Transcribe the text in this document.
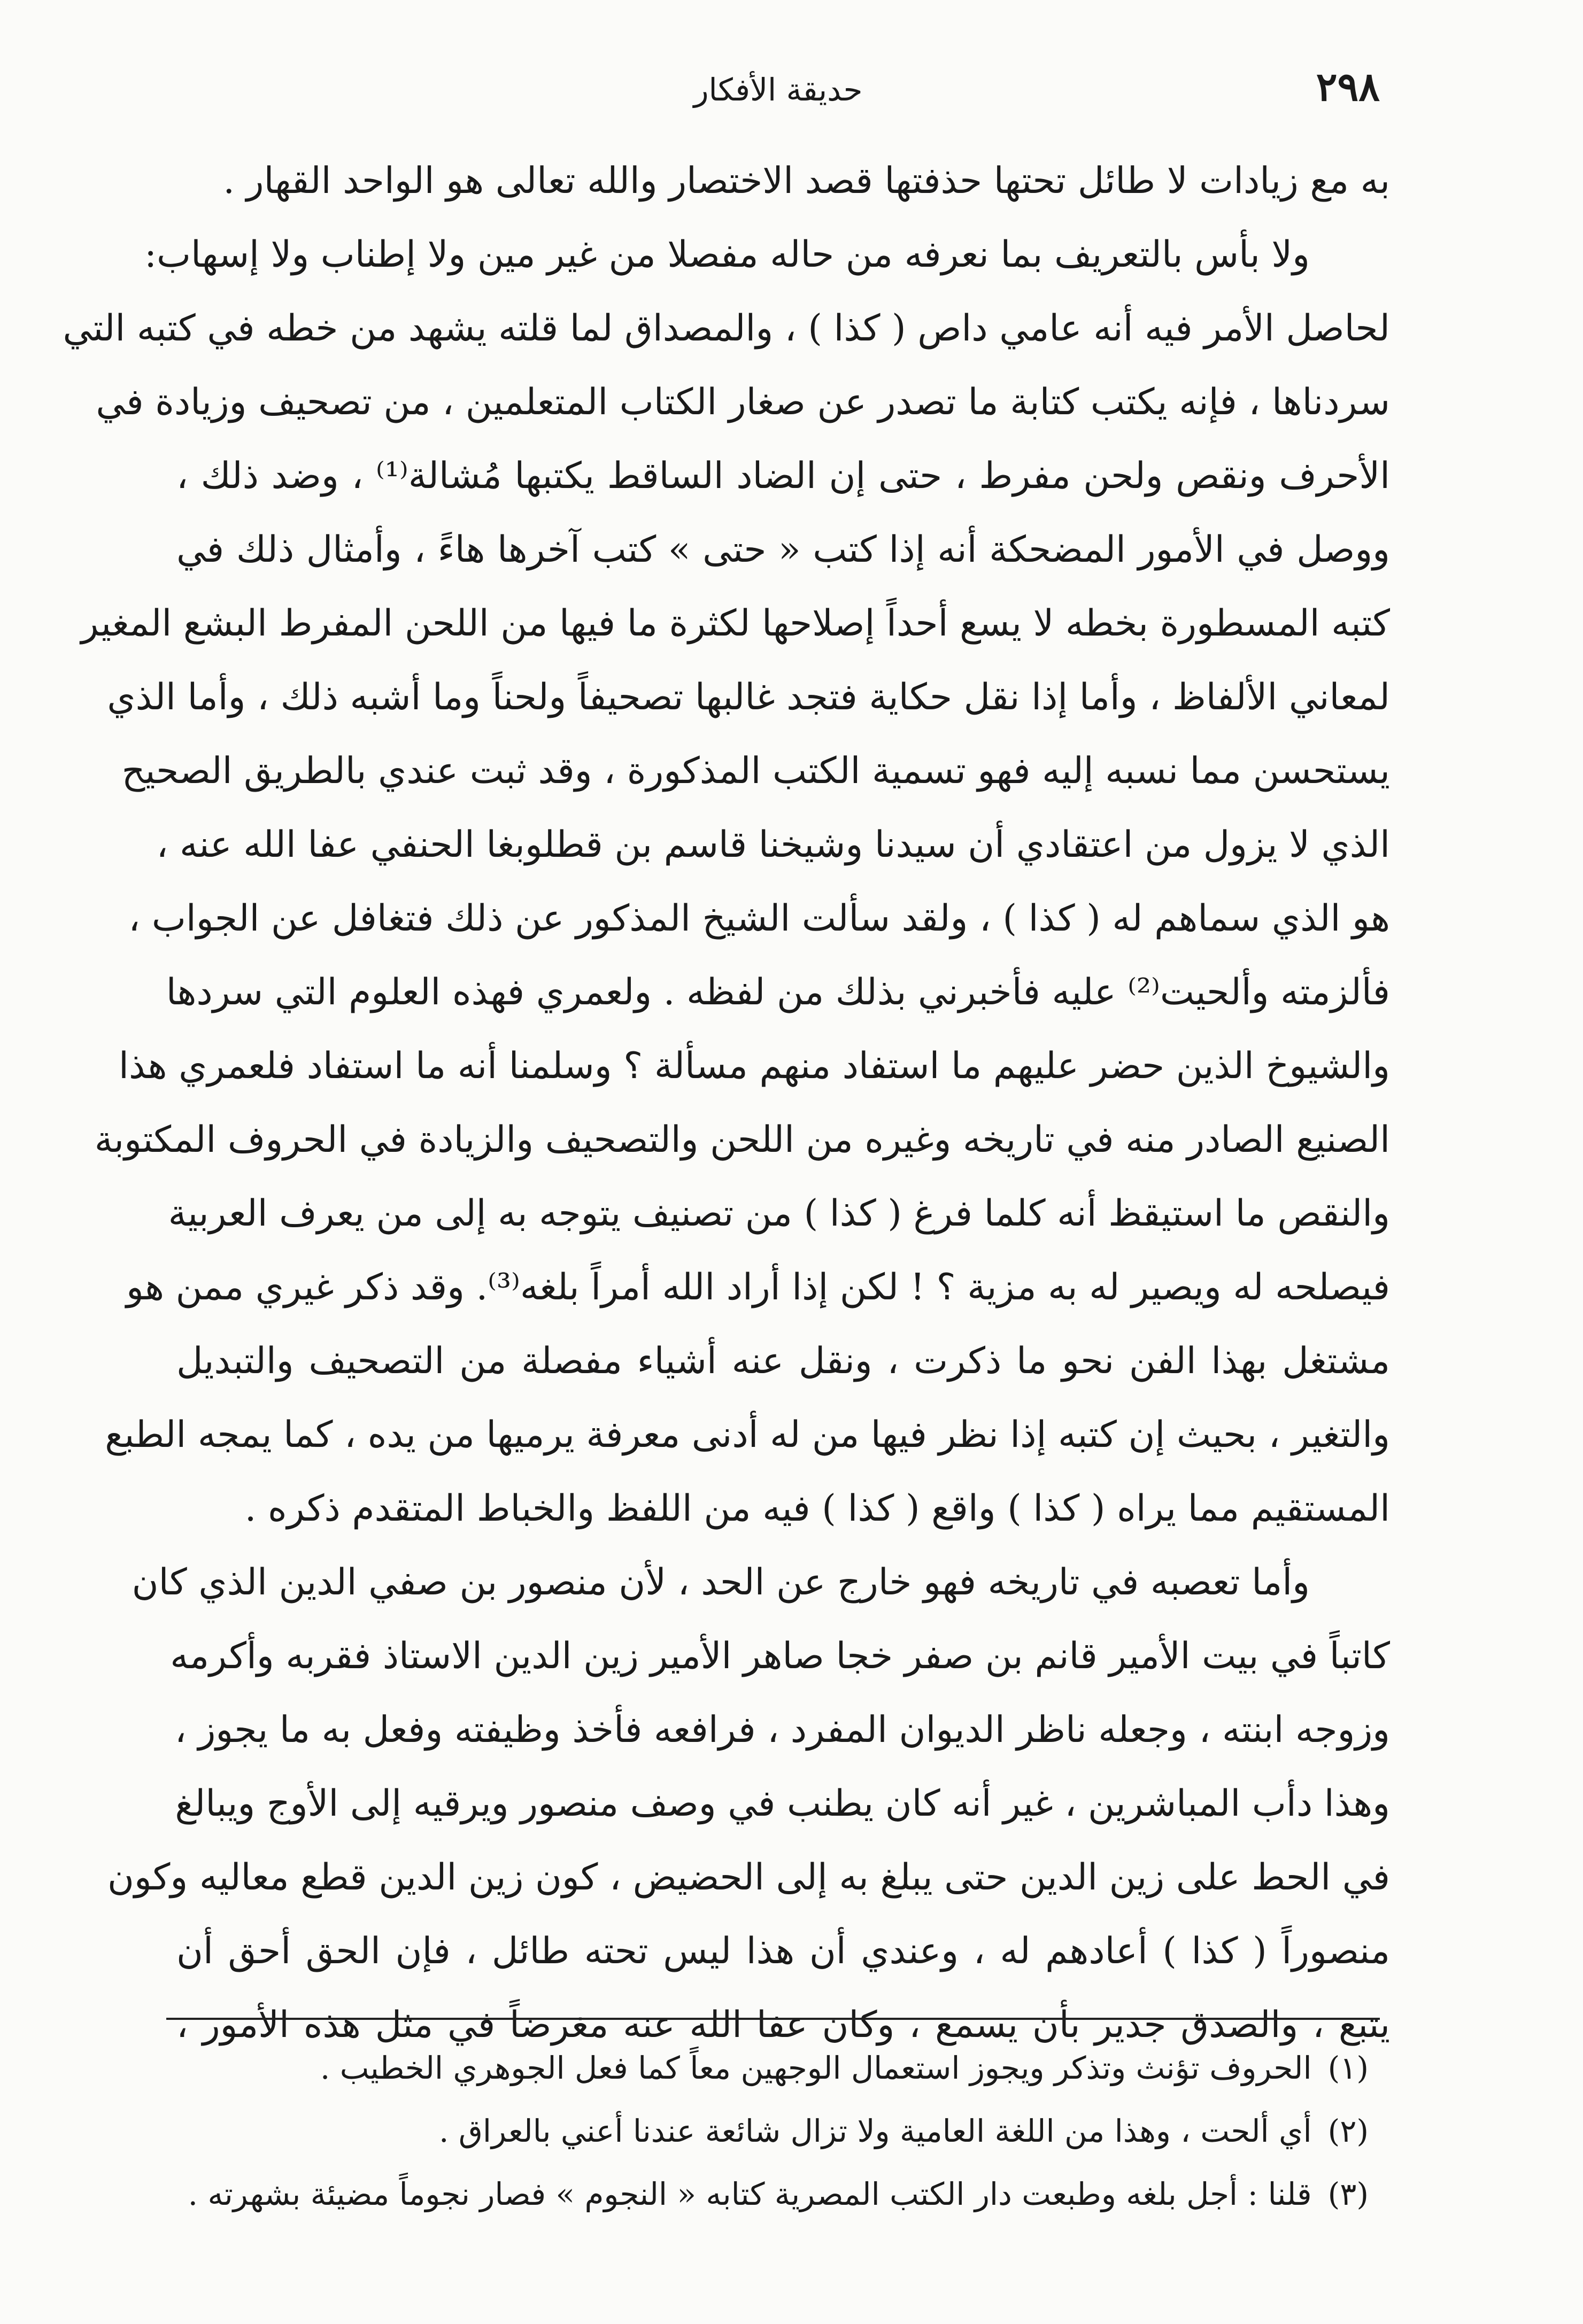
٢٩٨
حديقة الأفكار
به مع زيادات لا طائل تحتها حذفتها قصد الاختصار والله تعالى هو الواحد القهار .
ولا بأس بالتعريف بما نعرفه من حاله مفصلا من غير مين ولا إطناب ولا إسهاب:
لحاصل الأمر فيه أنه عامي داص ( كذا ) ، والمصداق لما قلته يشهد من خطه في كتبه التي
سردناها ، فإنه يكتب كتابة ما تصدر عن صغار الكتاب المتعلمين ، من تصحيف وزيادة في
الأحرف ونقص ولحن مفرط ، حتى إن الضاد الساقط يكتبها مُشالة⁽¹⁾ ، وضد ذلك ،
ووصل في الأمور المضحكة أنه إذا كتب « حتى » كتب آخرها هاءً ، وأمثال ذلك في
كتبه المسطورة بخطه لا يسع أحداً إصلاحها لكثرة ما فيها من اللحن المفرط البشع المغير
لمعاني الألفاظ ، وأما إذا نقل حكاية فتجد غالبها تصحيفاً ولحناً وما أشبه ذلك ، وأما الذي
يستحسن مما نسبه إليه فهو تسمية الكتب المذكورة ، وقد ثبت عندي بالطريق الصحيح
الذي لا يزول من اعتقادي أن سيدنا وشيخنا قاسم بن قطلوبغا الحنفي عفا الله عنه ،
هو الذي سماهم له ( كذا ) ، ولقد سألت الشيخ المذكور عن ذلك فتغافل عن الجواب ،
فألزمته وألحيت⁽²⁾ عليه فأخبرني بذلك من لفظه . ولعمري فهذه العلوم التي سردها
والشيوخ الذين حضر عليهم ما استفاد منهم مسألة ؟ وسلمنا أنه ما استفاد فلعمري هذا
الصنيع الصادر منه في تاريخه وغيره من اللحن والتصحيف والزيادة في الحروف المكتوبة
والنقص ما استيقظ أنه كلما فرغ ( كذا ) من تصنيف يتوجه به إلى من يعرف العربية
فيصلحه له ويصير له به مزية ؟ ! لكن إذا أراد الله أمراً بلغه⁽³⁾. وقد ذكر غيري ممن هو
مشتغل بهذا الفن نحو ما ذكرت ، ونقل عنه أشياء مفصلة من التصحيف والتبديل
والتغير ، بحيث إن كتبه إذا نظر فيها من له أدنى معرفة يرميها من يده ، كما يمجه الطبع
المستقيم مما يراه ( كذا ) واقع ( كذا ) فيه من اللفظ والخباط المتقدم ذكره .
وأما تعصبه في تاريخه فهو خارج عن الحد ، لأن منصور بن صفي الدين الذي كان
كاتباً في بيت الأمير قانم بن صفر خجا صاهر الأمير زين الدين الاستاذ فقربه وأكرمه
وزوجه ابنته ، وجعله ناظر الديوان المفرد ، فرافعه فأخذ وظيفته وفعل به ما يجوز ،
وهذا دأب المباشرين ، غير أنه كان يطنب في وصف منصور ويرقيه إلى الأوج ويبالغ
في الحط على زين الدين حتى يبلغ به إلى الحضيض ، كون زين الدين قطع معاليه وكون
منصوراً ( كذا ) أعادهم له ، وعندي أن هذا ليس تحته طائل ، فإن الحق أحق أن
يتبع ، والصدق جدير بأن يسمع ، وكان عفا الله عنه مغرضاً في مثل هذه الأمور ،
(١)الحروف تؤنث وتذكر ويجوز استعمال الوجهين معاً كما فعل الجوهري الخطيب .
(٢)أي ألحت ، وهذا من اللغة العامية ولا تزال شائعة عندنا أعني بالعراق .
(٣)قلنا : أجل بلغه وطبعت دار الكتب المصرية كتابه « النجوم » فصار نجوماً مضيئة بشهرته .
